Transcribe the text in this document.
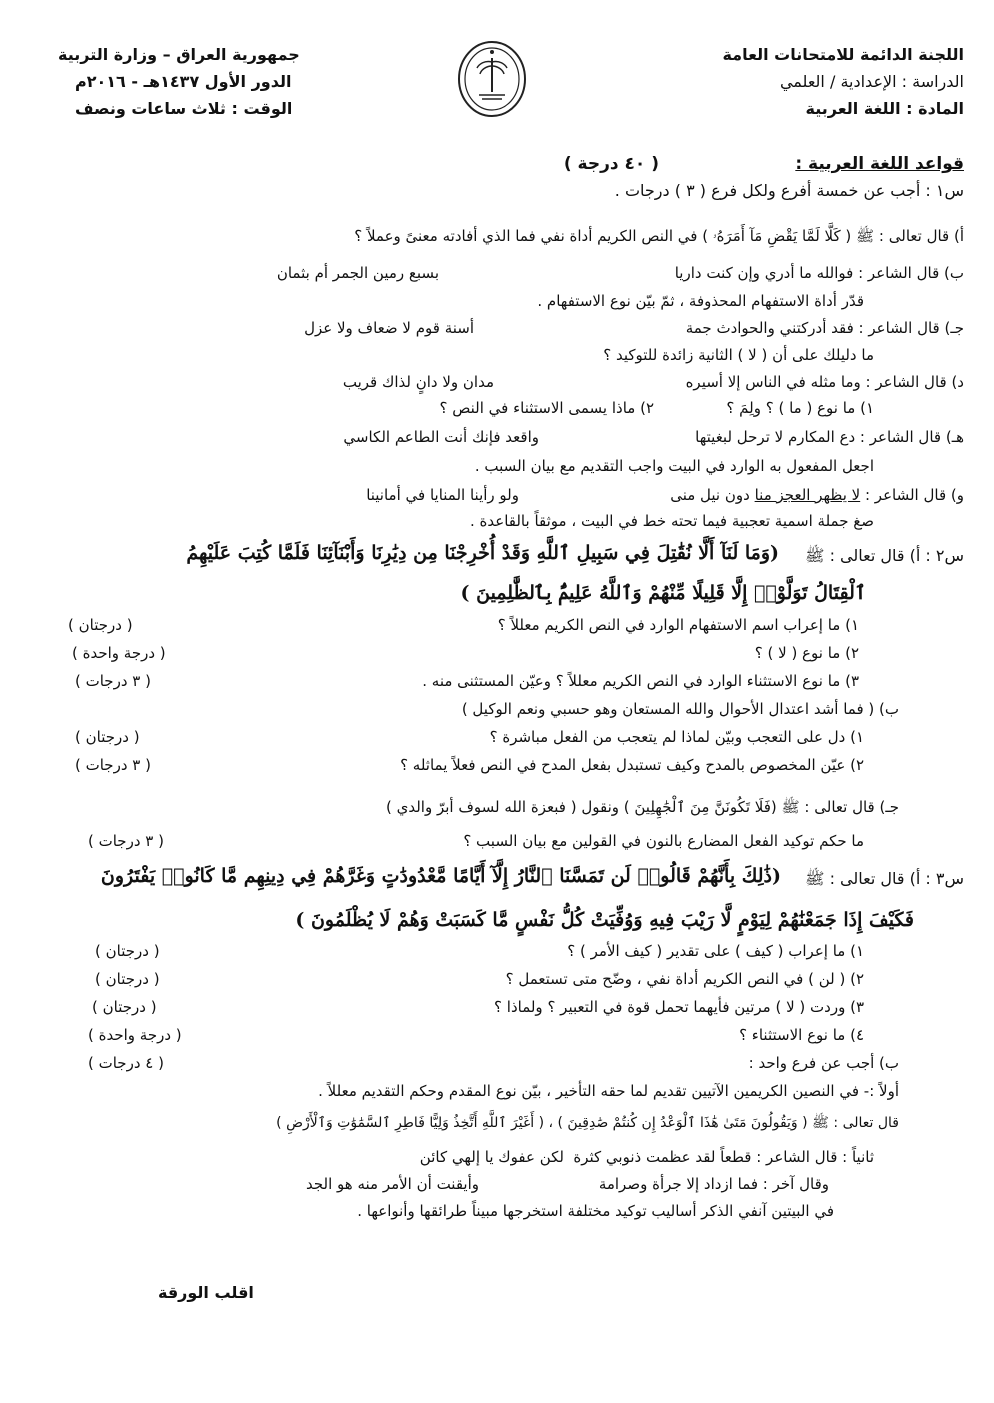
اللجنة الدائمة للامتحانات العامة
الدراسة : الإعدادية / العلمي
المادة : اللغة العربية
جمهورية العراق – وزارة التربية
الدور الأول ١٤٣٧هـ - ٢٠١٦م
الوقت : ثلاث ساعات ونصف
قواعد اللغة العربية :
( ٤٠ درجة )
س١ : أجب عن خمسة أفرع ولكل فرع ( ٣ ) درجات .
أ) قال تعالى : ﷺ ( كَلَّا لَمَّا يَقْضِ مَآ أَمَرَهُۥ ) في النص الكريم أداة نفي فما الذي أفادته معنىً وعملاً ؟
ب) قال الشاعر : فوالله ما أدري وإن كنت داريا
بسبع رمين الجمر أم بثمان
قدّر أداة الاستفهام المحذوفة ، ثمّ بيّن نوع الاستفهام .
جـ) قال الشاعر : فقد أدركتني والحوادث جمة
أسنة قوم لا ضعاف ولا عزل
ما دليلك على أن ( لا ) الثانية زائدة للتوكيد ؟
د) قال الشاعر : وما مثله في الناس إلا أسيره
مدان ولا دانٍ لذاك قريب
١) ما نوع ( ما ) ؟ ولِمَ ؟
٢) ماذا يسمى الاستثناء في النص ؟
هـ) قال الشاعر : دع المكارم لا ترحل لبغيتها
واقعد فإنك أنت الطاعم الكاسي
اجعل المفعول به الوارد في البيت واجب التقديم مع بيان السبب .
و) قال الشاعر : لا يظهر العجز منا دون نيل منى
ولو رأينا المنايا في أمانينا
صغ جملة اسمية تعجبية فيما تحته خط في البيت ، موثقاً بالقاعدة .
س٢ : أ) قال تعالى : ﷺ
(وَمَا لَنَآ أَلَّا نُقَٰتِلَ فِي سَبِيلِ ٱللَّهِ وَقَدْ أُخْرِجْنَا مِن دِيَٰرِنَا وَأَبْنَآئِنَا فَلَمَّا كُتِبَ عَلَيْهِمُ
ٱلْقِتَالُ تَوَلَّوْا۟ إِلَّا قَلِيلًا مِّنْهُمْ وَٱللَّهُ عَلِيمٌۢ بِٱلظَّٰلِمِينَ )
١) ما إعراب اسم الاستفهام الوارد في النص الكريم معللاً ؟
( درجتان )
٢) ما نوع ( لا ) ؟
( درجة واحدة )
٣) ما نوع الاستثناء الوارد في النص الكريم معللاً ؟ وعيّن المستثنى منه .
( ٣ درجات )
ب) ( فما أشد اعتدال الأحوال والله المستعان وهو حسبي ونعم الوكيل )
١) دل على التعجب وبيّن لماذا لم يتعجب من الفعل مباشرة ؟
( درجتان )
٢) عيّن المخصوص بالمدح وكيف تستبدل بفعل المدح في النص فعلاً يماثله ؟
( ٣ درجات )
جـ) قال تعالى : ﷺ (فَلَا تَكُونَنَّ مِنَ ٱلْجَٰهِلِينَ ) ونقول ( فبعزة الله لسوف أبرّ والدي )
ما حكم توكيد الفعل المضارع بالنون في القولين مع بيان السبب ؟
( ٣ درجات )
س٣ : أ) قال تعالى : ﷺ
(ذَٰلِكَ بِأَنَّهُمْ قَالُوا۟ لَن تَمَسَّنَا ٱلنَّارُ إِلَّآ أَيَّامًا مَّعْدُودَٰتٍ وَغَرَّهُمْ فِي دِينِهِم مَّا كَانُوا۟ يَفْتَرُونَ
فَكَيْفَ إِذَا جَمَعْنَٰهُمْ لِيَوْمٍ لَّا رَيْبَ فِيهِ وَوُفِّيَتْ كُلُّ نَفْسٍ مَّا كَسَبَتْ وَهُمْ لَا يُظْلَمُونَ )
١) ما إعراب ( كيف ) على تقدير ( كيف الأمر ) ؟
( درجتان )
٢) ( لن ) في النص الكريم أداة نفي ، وضّح متى تستعمل ؟
( درجتان )
٣) وردت ( لا ) مرتين فأيهما تحمل قوة في التعبير ؟ ولماذا ؟
( درجتان )
٤) ما نوع الاستثناء ؟
( درجة واحدة )
ب) أجب عن فرع واحد :
( ٤ درجات )
أولاً :- في النصين الكريمين الآتيين تقديم لما حقه التأخير ، بيّن نوع المقدم وحكم التقديم معللاً .
قال تعالى : ﷺ ( وَيَقُولُونَ مَتَىٰ هَٰذَا ٱلْوَعْدُ إِن كُنتُمْ صَٰدِقِينَ ) ، ( أَغَيْرَ ٱللَّهِ أَتَّخِذُ وَلِيًّا فَاطِرِ ٱلسَّمَٰوَٰتِ وَٱلْأَرْضِ )
ثانياً : قال الشاعر : قطعاً لقد عظمت ذنوبي كثرة
لكن عفوك يا إلهي كائن
وقال آخر : فما ازداد إلا جرأة وصرامة
وأيقنت أن الأمر منه هو الجد
في البيتين آنفي الذكر أساليب توكيد مختلفة استخرجها مبيناً طرائقها وأنواعها .
اقلب الورقة
